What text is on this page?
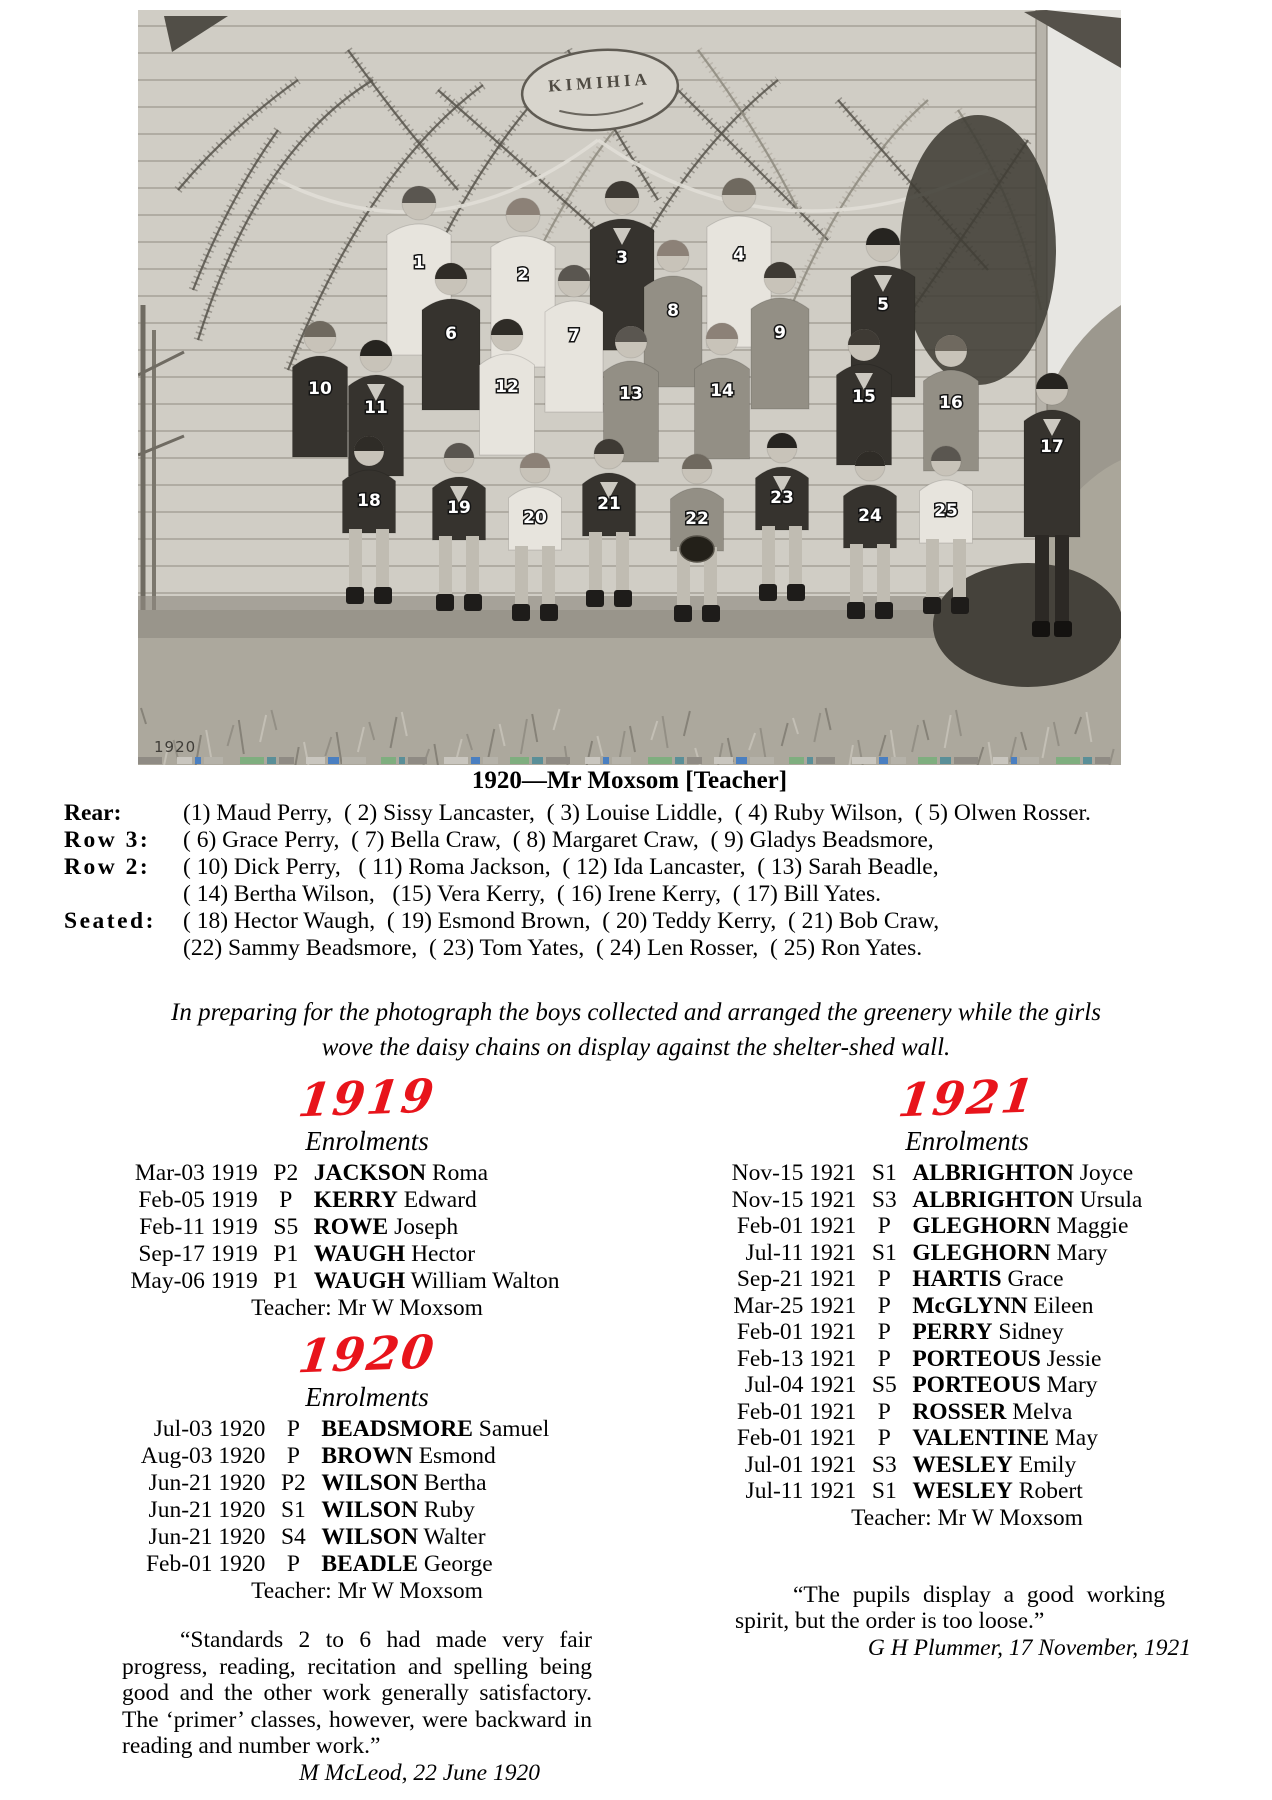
KIMIHIA
1
2
3	4
5
6	7
8
9
10
11
12	13	14	15	16
17
18	19	20
21
22
23
24	25
1920
1920—Mr Moxsom [Teacher]
Rear:	(1) Maud Perry,  ( 2) Sissy Lancaster,  ( 3) Louise Liddle,  ( 4) Ruby Wilson,  ( 5) Olwen Rosser.
Row 3:	( 6) Grace Perry,  ( 7) Bella Craw,  ( 8) Margaret Craw,  ( 9) Gladys Beadsmore,
Row 2:	( 10) Dick Perry,   ( 11) Roma Jackson,  ( 12) Ida Lancaster,  ( 13) Sarah Beadle,
( 14) Bertha Wilson,   (15) Vera Kerry,  ( 16) Irene Kerry,  ( 17) Bill Yates.
Seated:	( 18) Hector Waugh,  ( 19) Esmond Brown,  ( 20) Teddy Kerry,  ( 21) Bob Craw,
(22) Sammy Beadsmore,  ( 23) Tom Yates,  ( 24) Len Rosser,  ( 25) Ron Yates.
In preparing for the photograph the boys collected and arranged the greenery while the girls
wove the daisy chains on display against the shelter-shed wall.
1919
Enrolments
Mar-03 1919	P2	JACKSON Roma
Feb-05 1919	P	KERRY Edward
Feb-11 1919	S5	ROWE Joseph
Sep-17 1919	P1	WAUGH Hector
May-06 1919	P1	WAUGH William Walton
Teacher: Mr W Moxsom
1920
Enrolments
Jul-03 1920	P	BEADSMORE Samuel
Aug-03 1920	P	BROWN Esmond
Jun-21 1920	P2	WILSON Bertha
Jun-21 1920	S1	WILSON Ruby
Jun-21 1920	S4	WILSON Walter
Feb-01 1920	P	BEADLE George
Teacher: Mr W Moxsom
“Standards 2 to 6 had made very fair progress, reading, recitation and spelling being good and the other work generally satisfactory. The ‘primer’ classes, however, were backward in reading and number work.”
M McLeod, 22 June 1920
1921
Enrolments
Nov-15 1921	S1	ALBRIGHTON Joyce
Nov-15 1921	S3	ALBRIGHTON Ursula
Feb-01 1921	P	GLEGHORN Maggie
Jul-11 1921	S1	GLEGHORN Mary
Sep-21 1921	P	HARTIS Grace
Mar-25 1921	P	McGLYNN Eileen
Feb-01 1921	P	PERRY Sidney
Feb-13 1921	P	PORTEOUS Jessie
Jul-04 1921	S5	PORTEOUS Mary
Feb-01 1921	P	ROSSER Melva
Feb-01 1921	P	VALENTINE May
Jul-01 1921	S3	WESLEY Emily
Jul-11 1921	S1	WESLEY Robert
Teacher: Mr W Moxsom
“The pupils display a good working spirit, but the order is too loose.”
G H Plummer, 17 November, 1921
